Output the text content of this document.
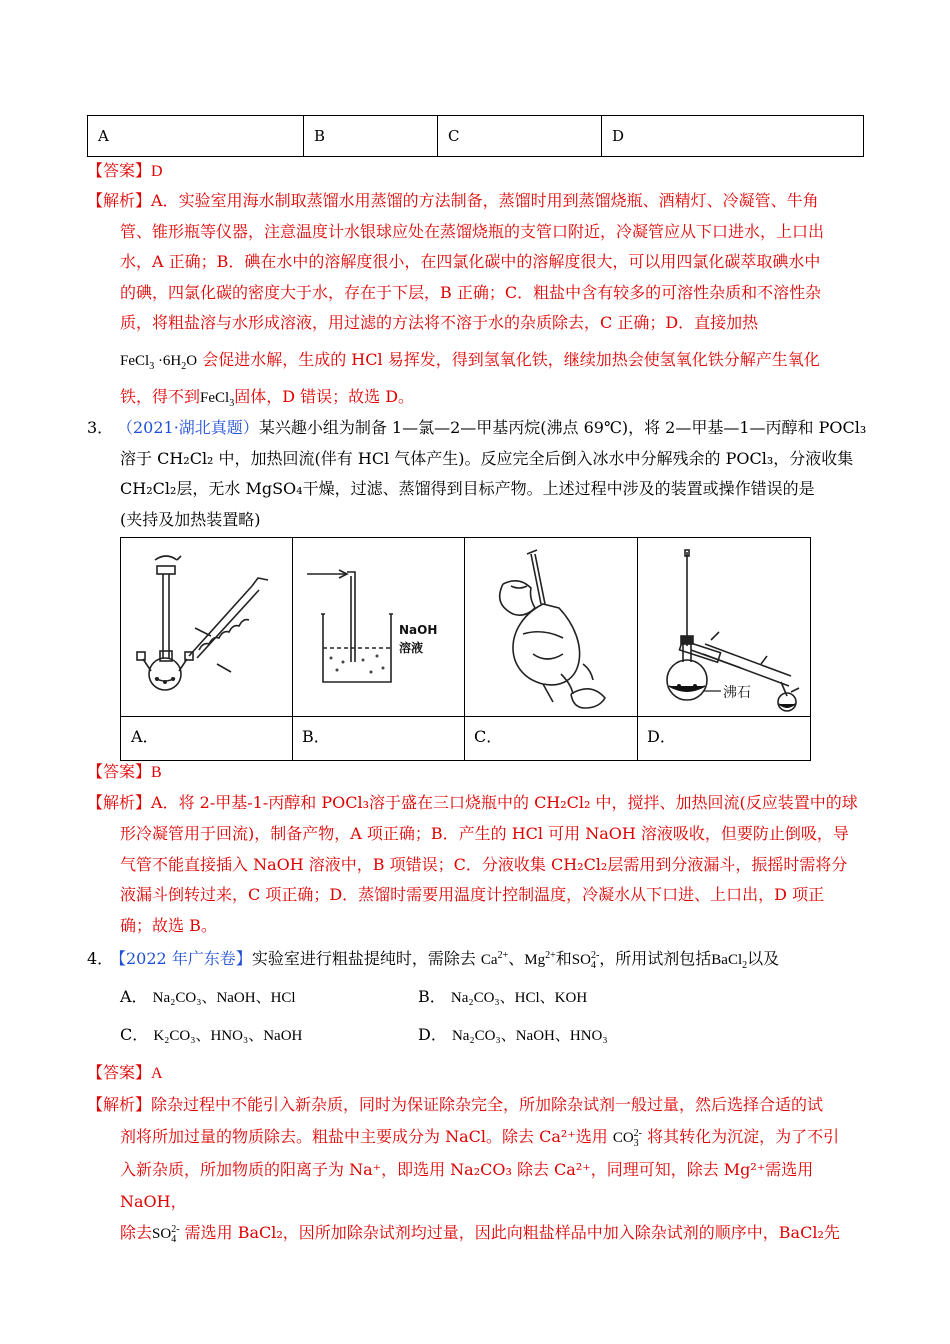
A	B	C	D
【答案】D
【解析】A．实验室用海水制取蒸馏水用蒸馏的方法制备，蒸馏时用到蒸馏烧瓶、酒精灯、冷凝管、牛角
管、锥形瓶等仪器，注意温度计水银球应处在蒸馏烧瓶的支管口附近，冷凝管应从下口进水，上口出
水，A 正确；B．碘在水中的溶解度很小，在四氯化碳中的溶解度很大，可以用四氯化碳萃取碘水中
的碘，四氯化碳的密度大于水，存在于下层，B 正确；C．粗盐中含有较多的可溶性杂质和不溶性杂
质，将粗盐溶与水形成溶液，用过滤的方法将不溶于水的杂质除去，C 正确；D．直接加热
FeCl$_3$ $\cdot 6H_2O$ 会促进水解，生成的 HCl 易挥发，得到氢氧化铁，继续加热会使氢氧化铁分解产生氧化
铁，得不到FeCl$_3$固体，D 错误；故选 D。
3． （2021·湖北真题）某兴趣小组为制备 1—氯—2—甲基丙烷(沸点 69℃)，将 2—甲基—1—丙醇和 POCl₃
溶于 CH₂Cl₂ 中，加热回流(伴有 HCl 气体产生)。反应完全后倒入冰水中分解残余的 POCl₃，分液收集
CH₂Cl₂层，无水 MgSO₄干燥，过滤、蒸馏得到目标产物。上述过程中涉及的装置或操作错误的是
(夹持及加热装置略)
NaOH
溶液
沸石
A．	B．	C．	D．
【答案】B
【解析】A．将 2-甲基-1-丙醇和 POCl₃溶于盛在三口烧瓶中的 CH₂Cl₂ 中，搅拌、加热回流(反应装置中的球
形冷凝管用于回流)，制备产物，A 项正确；B．产生的 HCl 可用 NaOH 溶液吸收，但要防止倒吸，导
气管不能直接插入 NaOH 溶液中，B 项错误；C．分液收集 CH₂Cl₂层需用到分液漏斗，振摇时需将分
液漏斗倒转过来，C 项正确；D．蒸馏时需要用温度计控制温度，冷凝水从下口进、上口出，D 项正
确；故选 B。
4．【2022 年广东卷】实验室进行粗盐提纯时，需除去 $Ca^{2+}$、$Mg^{2+}$和$SO_4^{2-}$，所用试剂包括BaCl$_2$以及
A． Na₂CO₃、NaOH、HCl	B． Na₂CO₃、HCl、KOH
C． K₂CO₃、HNO₃、NaOH	D． Na₂CO₃、NaOH、HNO₃
【答案】A
【解析】除杂过程中不能引入新杂质，同时为保证除杂完全，所加除杂试剂一般过量，然后选择合适的试
剂将所加过量的物质除去。粗盐中主要成分为 NaCl。除去 Ca²⁺选用 $CO_3^{2-}$ 将其转化为沉淀，为了不引
入新杂质，所加物质的阳离子为 Na⁺，即选用 Na₂CO₃ 除去 Ca²⁺，同理可知，除去 Mg²⁺需选用 NaOH，
除去$SO_4^{2-}$ 需选用 BaCl₂，因所加除杂试剂均过量，因此向粗盐样品中加入除杂试剂的顺序中，BaCl₂先
